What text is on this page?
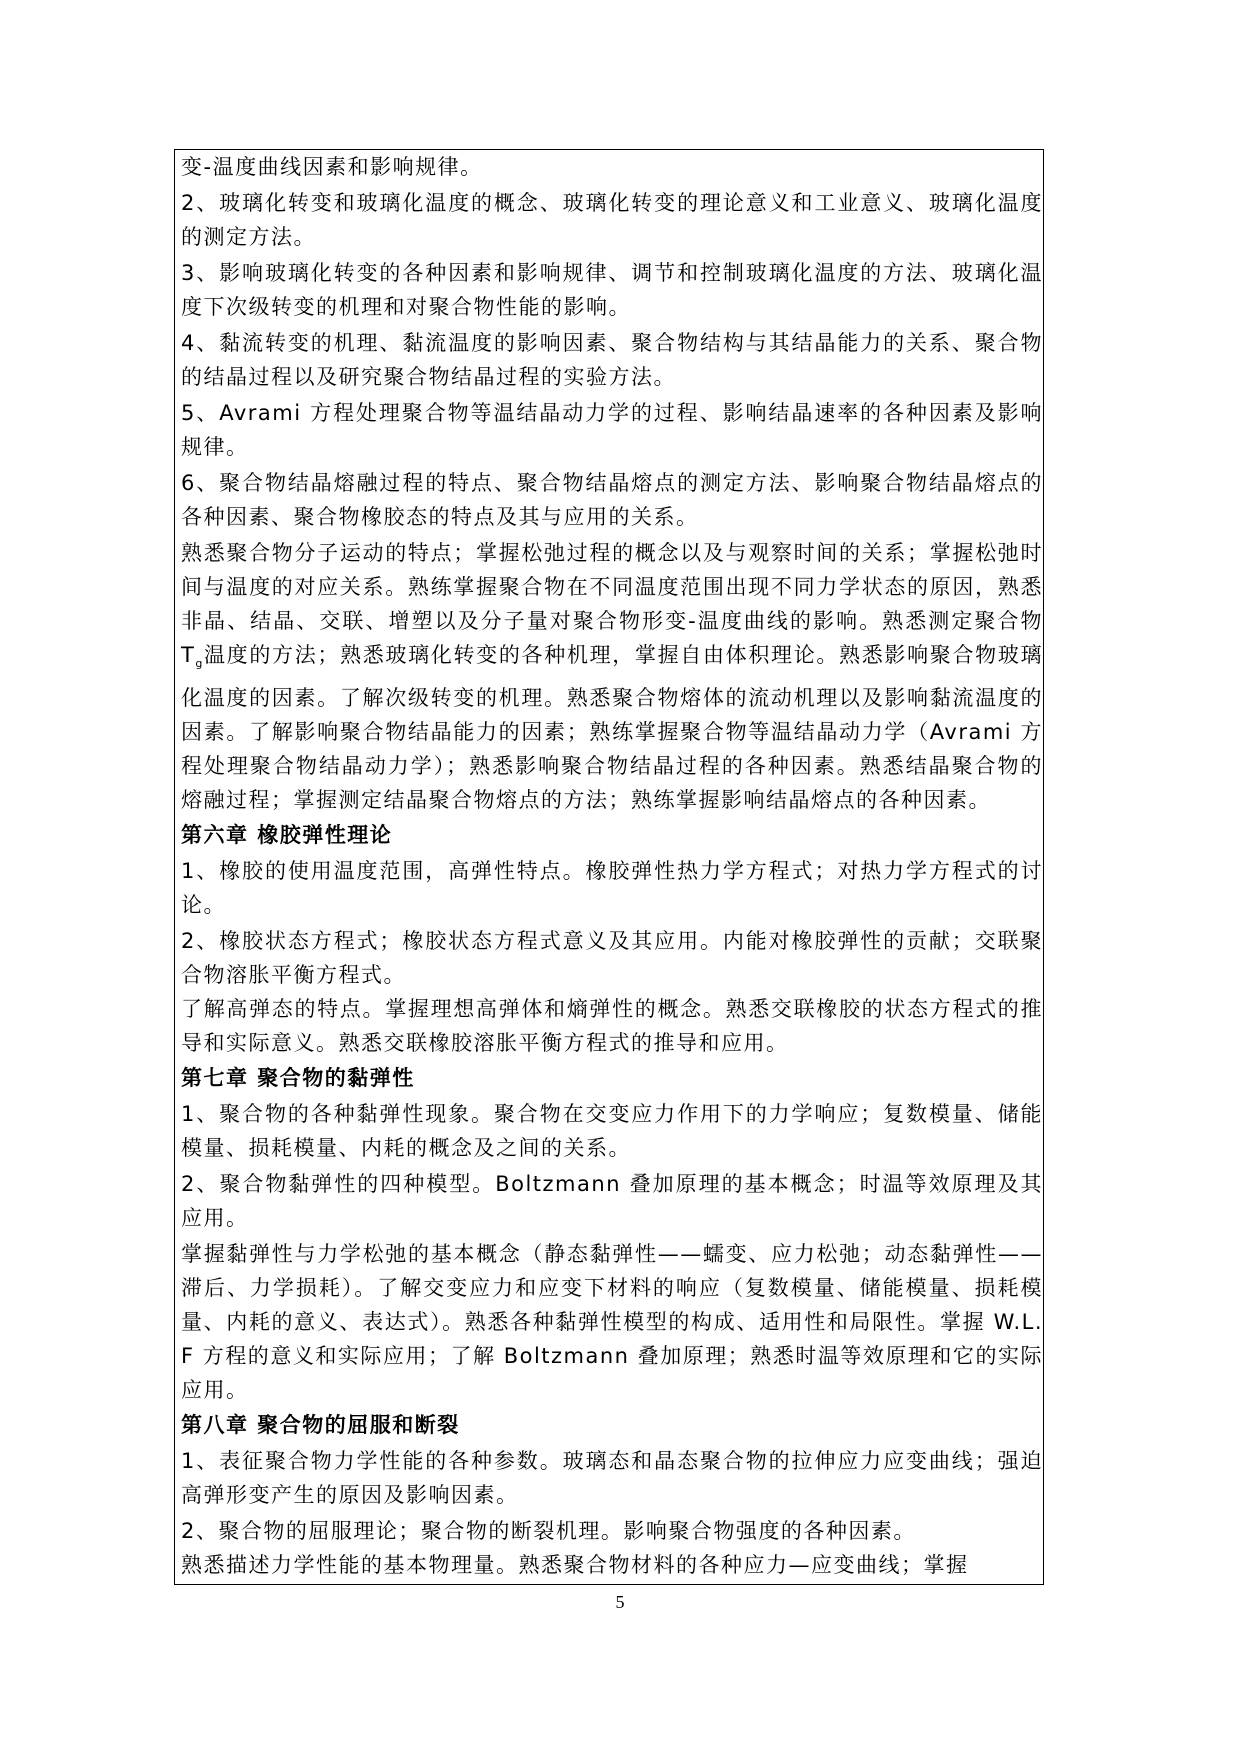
变-温度曲线因素和影响规律。

2、玻璃化转变和玻璃化温度的概念、玻璃化转变的理论意义和工业意义、玻璃化温度的测定方法。

3、影响玻璃化转变的各种因素和影响规律、调节和控制玻璃化温度的方法、玻璃化温度下次级转变的机理和对聚合物性能的影响。

4、黏流转变的机理、黏流温度的影响因素、聚合物结构与其结晶能力的关系、聚合物的结晶过程以及研究聚合物结晶过程的实验方法。

5、Avrami 方程处理聚合物等温结晶动力学的过程、影响结晶速率的各种因素及影响规律。

6、聚合物结晶熔融过程的特点、聚合物结晶熔点的测定方法、影响聚合物结晶熔点的各种因素、聚合物橡胶态的特点及其与应用的关系。

熟悉聚合物分子运动的特点；掌握松弛过程的概念以及与观察时间的关系；掌握松弛时间与温度的对应关系。熟练掌握聚合物在不同温度范围出现不同力学状态的原因，熟悉非晶、结晶、交联、增塑以及分子量对聚合物形变-温度曲线的影响。熟悉测定聚合物 $T_g$温度的方法；熟悉玻璃化转变的各种机理，掌握自由体积理论。熟悉影响聚合物玻璃化温度的因素。了解次级转变的机理。熟悉聚合物熔体的流动机理以及影响黏流温度的因素。了解影响聚合物结晶能力的因素；熟练掌握聚合物等温结晶动力学（Avrami 方程处理聚合物结晶动力学）；熟悉影响聚合物结晶过程的各种因素。熟悉结晶聚合物的熔融过程；掌握测定结晶聚合物熔点的方法；熟练掌握影响结晶熔点的各种因素。

第六章 橡胶弹性理论

1、橡胶的使用温度范围，高弹性特点。橡胶弹性热力学方程式；对热力学方程式的讨论。

2、橡胶状态方程式；橡胶状态方程式意义及其应用。内能对橡胶弹性的贡献；交联聚合物溶胀平衡方程式。

了解高弹态的特点。掌握理想高弹体和熵弹性的概念。熟悉交联橡胶的状态方程式的推导和实际意义。熟悉交联橡胶溶胀平衡方程式的推导和应用。

第七章 聚合物的黏弹性

1、聚合物的各种黏弹性现象。聚合物在交变应力作用下的力学响应；复数模量、储能模量、损耗模量、内耗的概念及之间的关系。

2、聚合物黏弹性的四种模型。Boltzmann 叠加原理的基本概念；时温等效原理及其应用。

掌握黏弹性与力学松弛的基本概念（静态黏弹性——蠕变、应力松弛；动态黏弹性——滞后、力学损耗）。了解交变应力和应变下材料的响应（复数模量、储能模量、损耗模量、内耗的意义、表达式）。熟悉各种黏弹性模型的构成、适用性和局限性。掌握 W.L.F 方程的意义和实际应用；了解 Boltzmann 叠加原理；熟悉时温等效原理和它的实际应用。

第八章 聚合物的屈服和断裂

1、表征聚合物力学性能的各种参数。玻璃态和晶态聚合物的拉伸应力应变曲线；强迫高弹形变产生的原因及影响因素。

2、聚合物的屈服理论；聚合物的断裂机理。影响聚合物强度的各种因素。

熟悉描述力学性能的基本物理量。熟悉聚合物材料的各种应力—应变曲线；掌握

5
